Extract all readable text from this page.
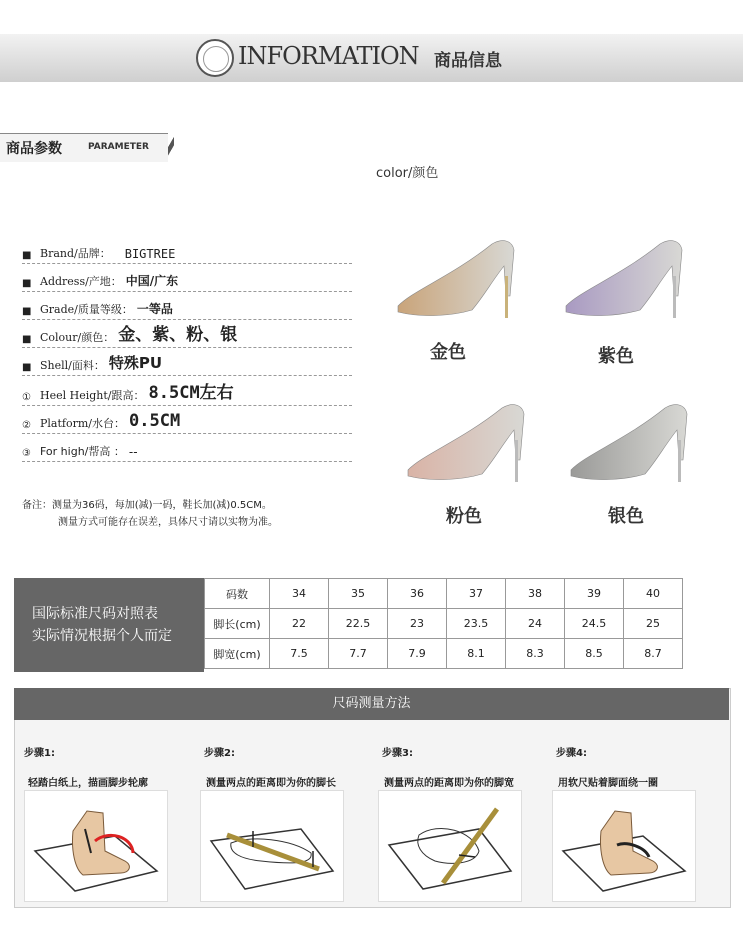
INFORMATION 商品信息
商品参数	PARAMETER
color/颜色
■ Brand/品牌： BIGTREE
■ Address/产地： 中国/广东
■ Grade/质量等级： 一等品
■ Colour/颜色： 金、紫、粉、银
■ Shell/面料： 特殊PU
① Heel Height/跟高： 8.5CM左右
② Platform/水台： 0.5CM
③ For high/帮高 ： --
备注：测量为36码，每加(减)一码，鞋长加(减)0.5CM。
测量方式可能存在误差，具体尺寸请以实物为准。
金色	紫色
粉色	银色
国际标准尺码对照表
实际情况根据个人而定
码数	34	35	36	37	38	39	40
脚长(cm)	22	22.5	23	23.5	24	24.5	25
脚宽(cm)	7.5	7.7	7.9	8.1	8.3	8.5	8.7
尺码测量方法
步骤1:
轻踏白纸上，描画脚步轮廓
步骤2:
测量两点的距离即为你的脚长
步骤3:
测量两点的距离即为你的脚宽
步骤4:
用软尺贴着脚面绕一圈
